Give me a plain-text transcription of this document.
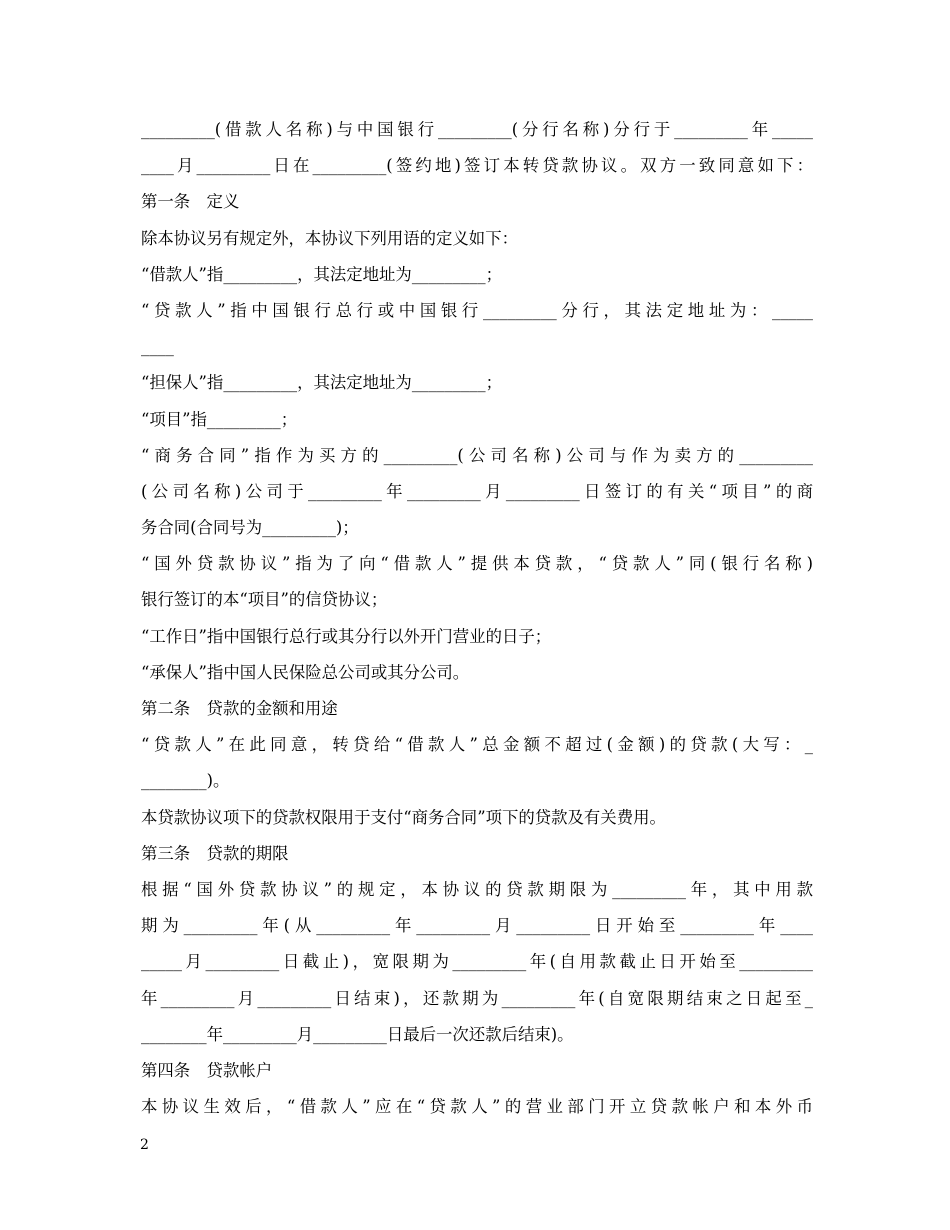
_________(借款人名称)与中国银行_________(分行名称)分行于_________年_____
____月_________日在_________(签约地)签订本转贷款协议。双方一致同意如下：
第一条　定义
除本协议另有规定外，本协议下列用语的定义如下：
“借款人”指_________，其法定地址为_________；
“贷款人”指中国银行总行或中国银行_________分行，其法定地址为：_____
____
“担保人”指_________，其法定地址为_________；
“项目”指_________；
“商务合同”指作为买方的_________(公司名称)公司与作为卖方的_________
(公司名称)公司于_________年_________月_________日签订的有关“项目”的商
务合同(合同号为_________)；
“国外贷款协议”指为了向“借款人”提供本贷款，“贷款人”同(银行名称)
银行签订的本“项目”的信贷协议；
“工作日”指中国银行总行或其分行以外开门营业的日子；
“承保人”指中国人民保险总公司或其分公司。
第二条　贷款的金额和用途
“贷款人”在此同意，转贷给“借款人”总金额不超过(金额)的贷款(大写：_
________)。
本贷款协议项下的贷款权限用于支付“商务合同”项下的贷款及有关费用。
第三条　贷款的期限
根据“国外贷款协议”的规定，本协议的贷款期限为_________年，其中用款
期为_________年(从_________年_________月_________日开始至_________年____
_____月_________日截止)，宽限期为_________年(自用款截止日开始至_________
年_________月_________日结束)，还款期为_________年(自宽限期结束之日起至_
________年_________月_________日最后一次还款后结束)。
第四条　贷款帐户
本协议生效后，“借款人”应在“贷款人”的营业部门开立贷款帐户和本外币
2
